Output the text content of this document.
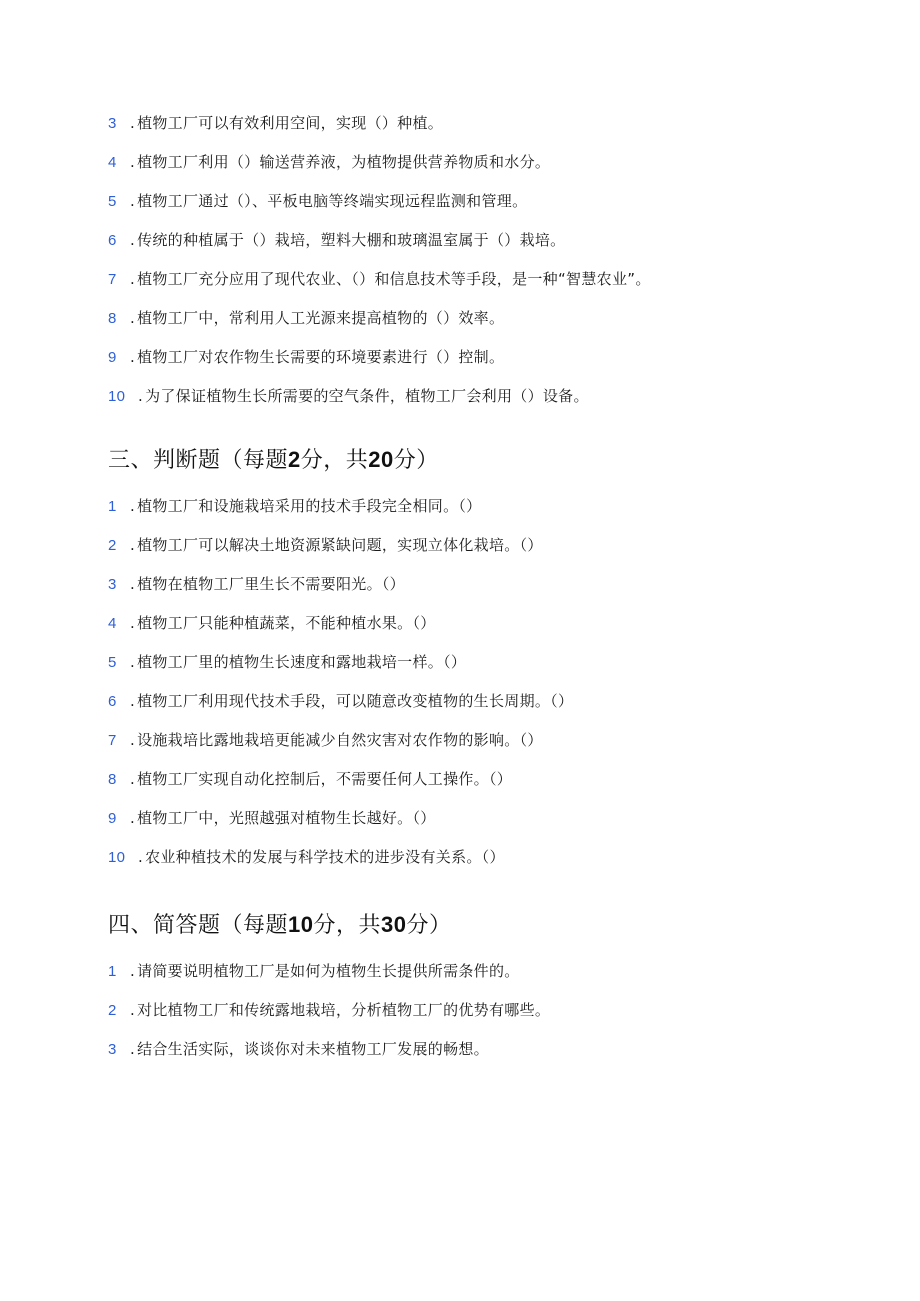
3 . 植物工厂可以有效利用空间，实现（）种植。
4 . 植物工厂利用（）输送营养液，为植物提供营养物质和水分。
5 . 植物工厂通过（）、平板电脑等终端实现远程监测和管理。
6 . 传统的种植属于（）栽培，塑料大棚和玻璃温室属于（）栽培。
7 . 植物工厂充分应用了现代农业、（）和信息技术等手段，是一种“智慧农业”。
8 . 植物工厂中，常利用人工光源来提高植物的（）效率。
9 . 植物工厂对农作物生长需要的环境要素进行（）控制。
10 . 为了保证植物生长所需要的空气条件，植物工厂会利用（）设备。
三、判断题（每题2分，共20分）
1 . 植物工厂和设施栽培采用的技术手段完全相同。（）
2 . 植物工厂可以解决土地资源紧缺问题，实现立体化栽培。（）
3 . 植物在植物工厂里生长不需要阳光。（）
4 . 植物工厂只能种植蔬菜，不能种植水果。（）
5 . 植物工厂里的植物生长速度和露地栽培一样。（）
6 . 植物工厂利用现代技术手段，可以随意改变植物的生长周期。（）
7 . 设施栽培比露地栽培更能减少自然灾害对农作物的影响。（）
8 . 植物工厂实现自动化控制后，不需要任何人工操作。（）
9 . 植物工厂中，光照越强对植物生长越好。（）
10 . 农业种植技术的发展与科学技术的进步没有关系。（）
四、简答题（每题10分，共30分）
1 . 请简要说明植物工厂是如何为植物生长提供所需条件的。
2 . 对比植物工厂和传统露地栽培，分析植物工厂的优势有哪些。
3 . 结合生活实际，谈谈你对未来植物工厂发展的畅想。
